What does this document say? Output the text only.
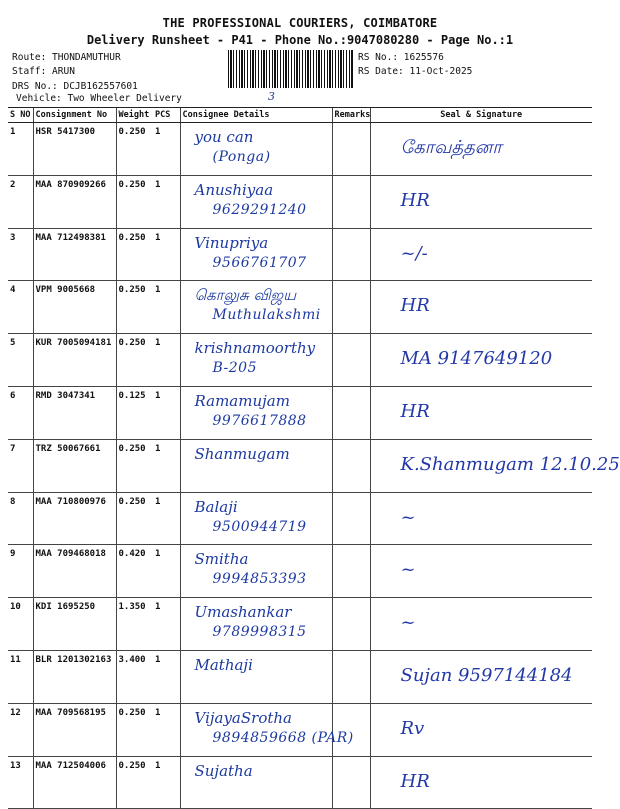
THE PROFESSIONAL COURIERS, COIMBATORE
Delivery Runsheet - P41 - Phone No.:9047080280 - Page No.:1
Route: THONDAMUTHUR
Staff: ARUN
DRS No.: DCJB162557601
Vehicle: Two Wheeler Delivery
RS No.: 1625576
RS Date: 11-Oct-2025
3
S NO	Consignment No	Weight	PCS	Consignee Details	Remarks	Seal & Signature
1	HSR 5417300	0.250	1	you can
(Ponga)		கோவத்தனா
2	MAA 870909266	0.250	1	Anushiyaa
9629291240		HR
3	MAA 712498381	0.250	1	Vinupriya
9566761707		~/-
4	VPM 9005668	0.250	1	கொலுசு விஜய
Muthulakshmi		HR
5	KUR 7005094181	0.250	1	krishnamoorthy
B-205		MA 9147649120
6	RMD 3047341	0.125	1	Ramamujam
9976617888		HR
7	TRZ 50067661	0.250	1	Shanmugam		K.Shanmugam 12.10.25
8	MAA 710800976	0.250	1	Balaji
9500944719		~
9	MAA 709468018	0.420	1	Smitha
9994853393		~
10	KDI 1695250	1.350	1	Umashankar
9789998315		~
11	BLR 1201302163	3.400	1	Mathaji		Sujan 9597144184
12	MAA 709568195	0.250	1	VijayaSrotha
9894859668 (PAR)		Rv
13	MAA 712504006	0.250	1	Sujatha		HR
